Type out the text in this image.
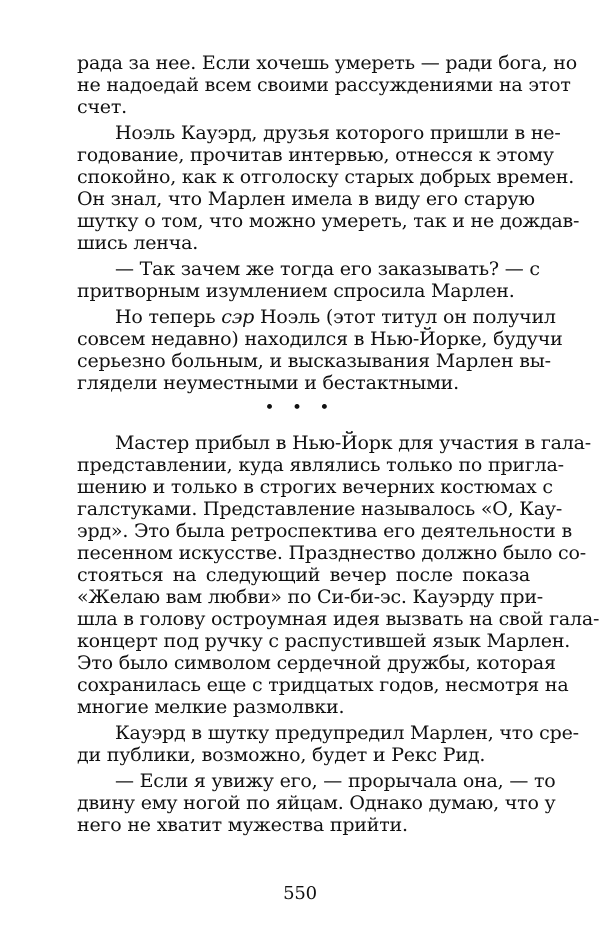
рада за нее. Если хочешь умереть — ради бога, но
не надоедай всем своими рассуждениями на этот
счет.
Ноэль Кауэрд, друзья которого пришли в не-
годование, прочитав интервью, отнесся к этому
спокойно, как к отголоску старых добрых времен.
Он знал, что Марлен имела в виду его старую
шутку о том, что можно умереть, так и не дождав-
шись ленча.
— Так зачем же тогда его заказывать? — с
притворным изумлением спросила Марлен.
Но теперь сэр Ноэль (этот титул он получил
совсем недавно) находился в Нью-Йорке, будучи
серьезно больным, и высказывания Марлен вы-
глядели неуместными и бестактными.
• • •
Мастер прибыл в Нью-Йорк для участия в гала-
представлении, куда являлись только по пригла-
шению и только в строгих вечерних костюмах с
галстуками. Представление называлось «О, Кау-
эрд». Это была ретроспектива его деятельности в
песенном искусстве. Празднество должно было со-
стояться на следующий вечер после показа
«Желаю вам любви» по Си-би-эс. Кауэрду при-
шла в голову остроумная идея вызвать на свой гала-
концерт под ручку с распустившей язык Марлен.
Это было символом сердечной дружбы, которая
сохранилась еще с тридцатых годов, несмотря на
многие мелкие размолвки.
Кауэрд в шутку предупредил Марлен, что сре-
ди публики, возможно, будет и Рекс Рид.
— Если я увижу его, — прорычала она, — то
двину ему ногой по яйцам. Однако думаю, что у
него не хватит мужества прийти.
550
